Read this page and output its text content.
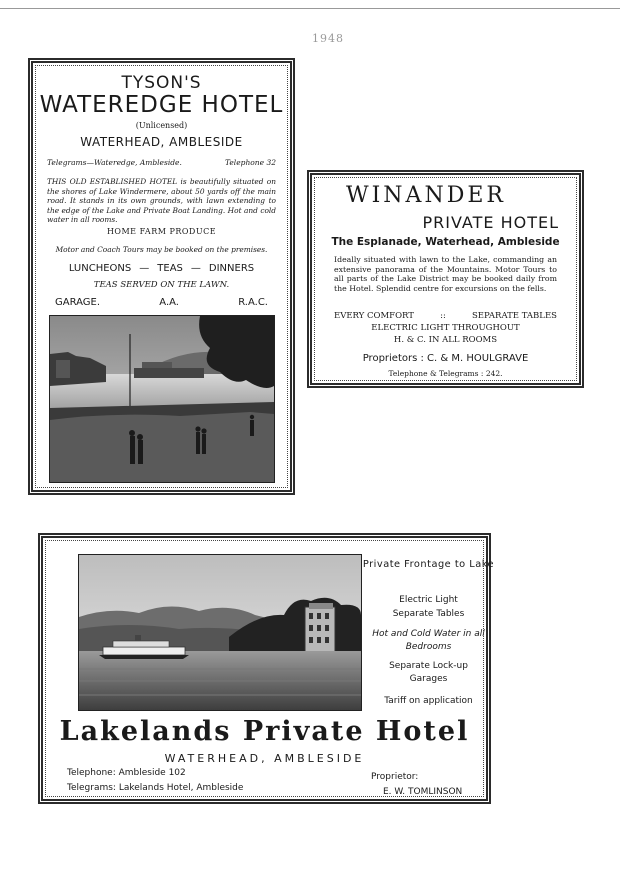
1948
TYSON'S
WATEREDGE HOTEL
(Unlicensed)
WATERHEAD, AMBLESIDE
Telegrams—Wateredge, Ambleside.	Telephone 32
THIS OLD ESTABLISHED HOTEL is beautifully situated on the shores of Lake Windermere, about 50 yards off the main road. It stands in its own grounds, with lawn extending to the edge of the Lake and Private Boat Landing. Hot and cold water in all rooms.
HOME FARM PRODUCE
Motor and Coach Tours may be booked on the premises.
LUNCHEONS — TEAS — DINNERS
TEAS SERVED ON THE LAWN.
GARAGE.	A.A.	R.A.C.
WINANDER
PRIVATE HOTEL
The Esplanade, Waterhead, Ambleside
Ideally situated with lawn to the Lake, commanding an extensive panorama of the Mountains. Motor Tours to all parts of the Lake District may be booked daily from the Hotel. Splendid centre for excursions on the fells.
EVERY COMFORT	::	SEPARATE TABLES
ELECTRIC LIGHT THROUGHOUT
H. & C. IN ALL ROOMS
Proprietors : C. & M. HOULGRAVE
Telephone & Telegrams : 242.
Private Frontage to Lake
Electric Light
Separate Tables
Hot and Cold Water in all Bedrooms
Separate Lock-up Garages
Tariff on application
Lakelands Private Hotel
WATERHEAD, AMBLESIDE
Telephone: Ambleside 102
Telegrams: Lakelands Hotel, Ambleside
Proprietor:
E. W. TOMLINSON
